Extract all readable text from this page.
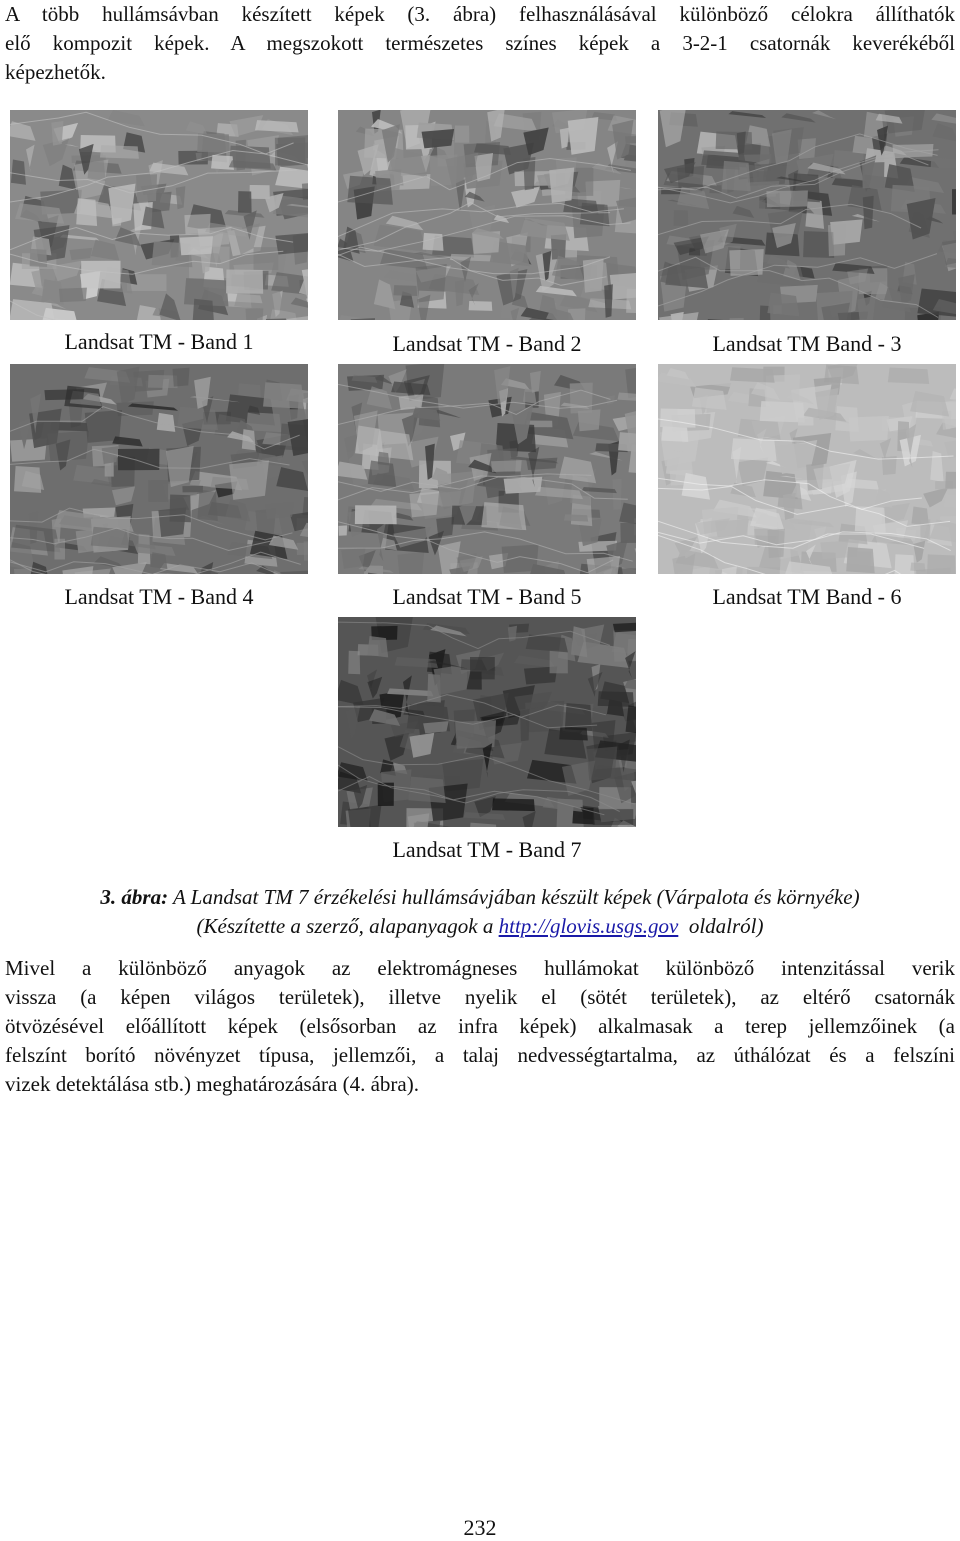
A több hullámsávban készített képek (3. ábra) felhasználásával különböző célokra állíthatók
elő kompozit képek. A megszokott természetes színes képek a 3-2-1 csatornák keverékéből
képezhetők.
Landsat TM - Band 1	Landsat TM - Band 2	Landsat TM Band - 3
Landsat TM - Band 4	Landsat TM - Band 5	Landsat TM Band - 6
Landsat TM - Band 7
3. ábra: A Landsat TM 7 érzékelési hullámsávjában készült képek (Várpalota és környéke)
(Készítette a szerző, alapanyagok a http://glovis.usgs.gov  oldalról)
Mivel a különböző anyagok az elektromágneses hullámokat különböző intenzitással verik
vissza (a képen világos területek), illetve nyelik el (sötét területek), az eltérő csatornák
ötvözésével előállított képek (elsősorban az infra képek) alkalmasak a terep jellemzőinek (a
felszínt borító növényzet típusa, jellemzői, a talaj nedvességtartalma, az úthálózat és a felszíni
vizek detektálása stb.) meghatározására (4. ábra).
232
